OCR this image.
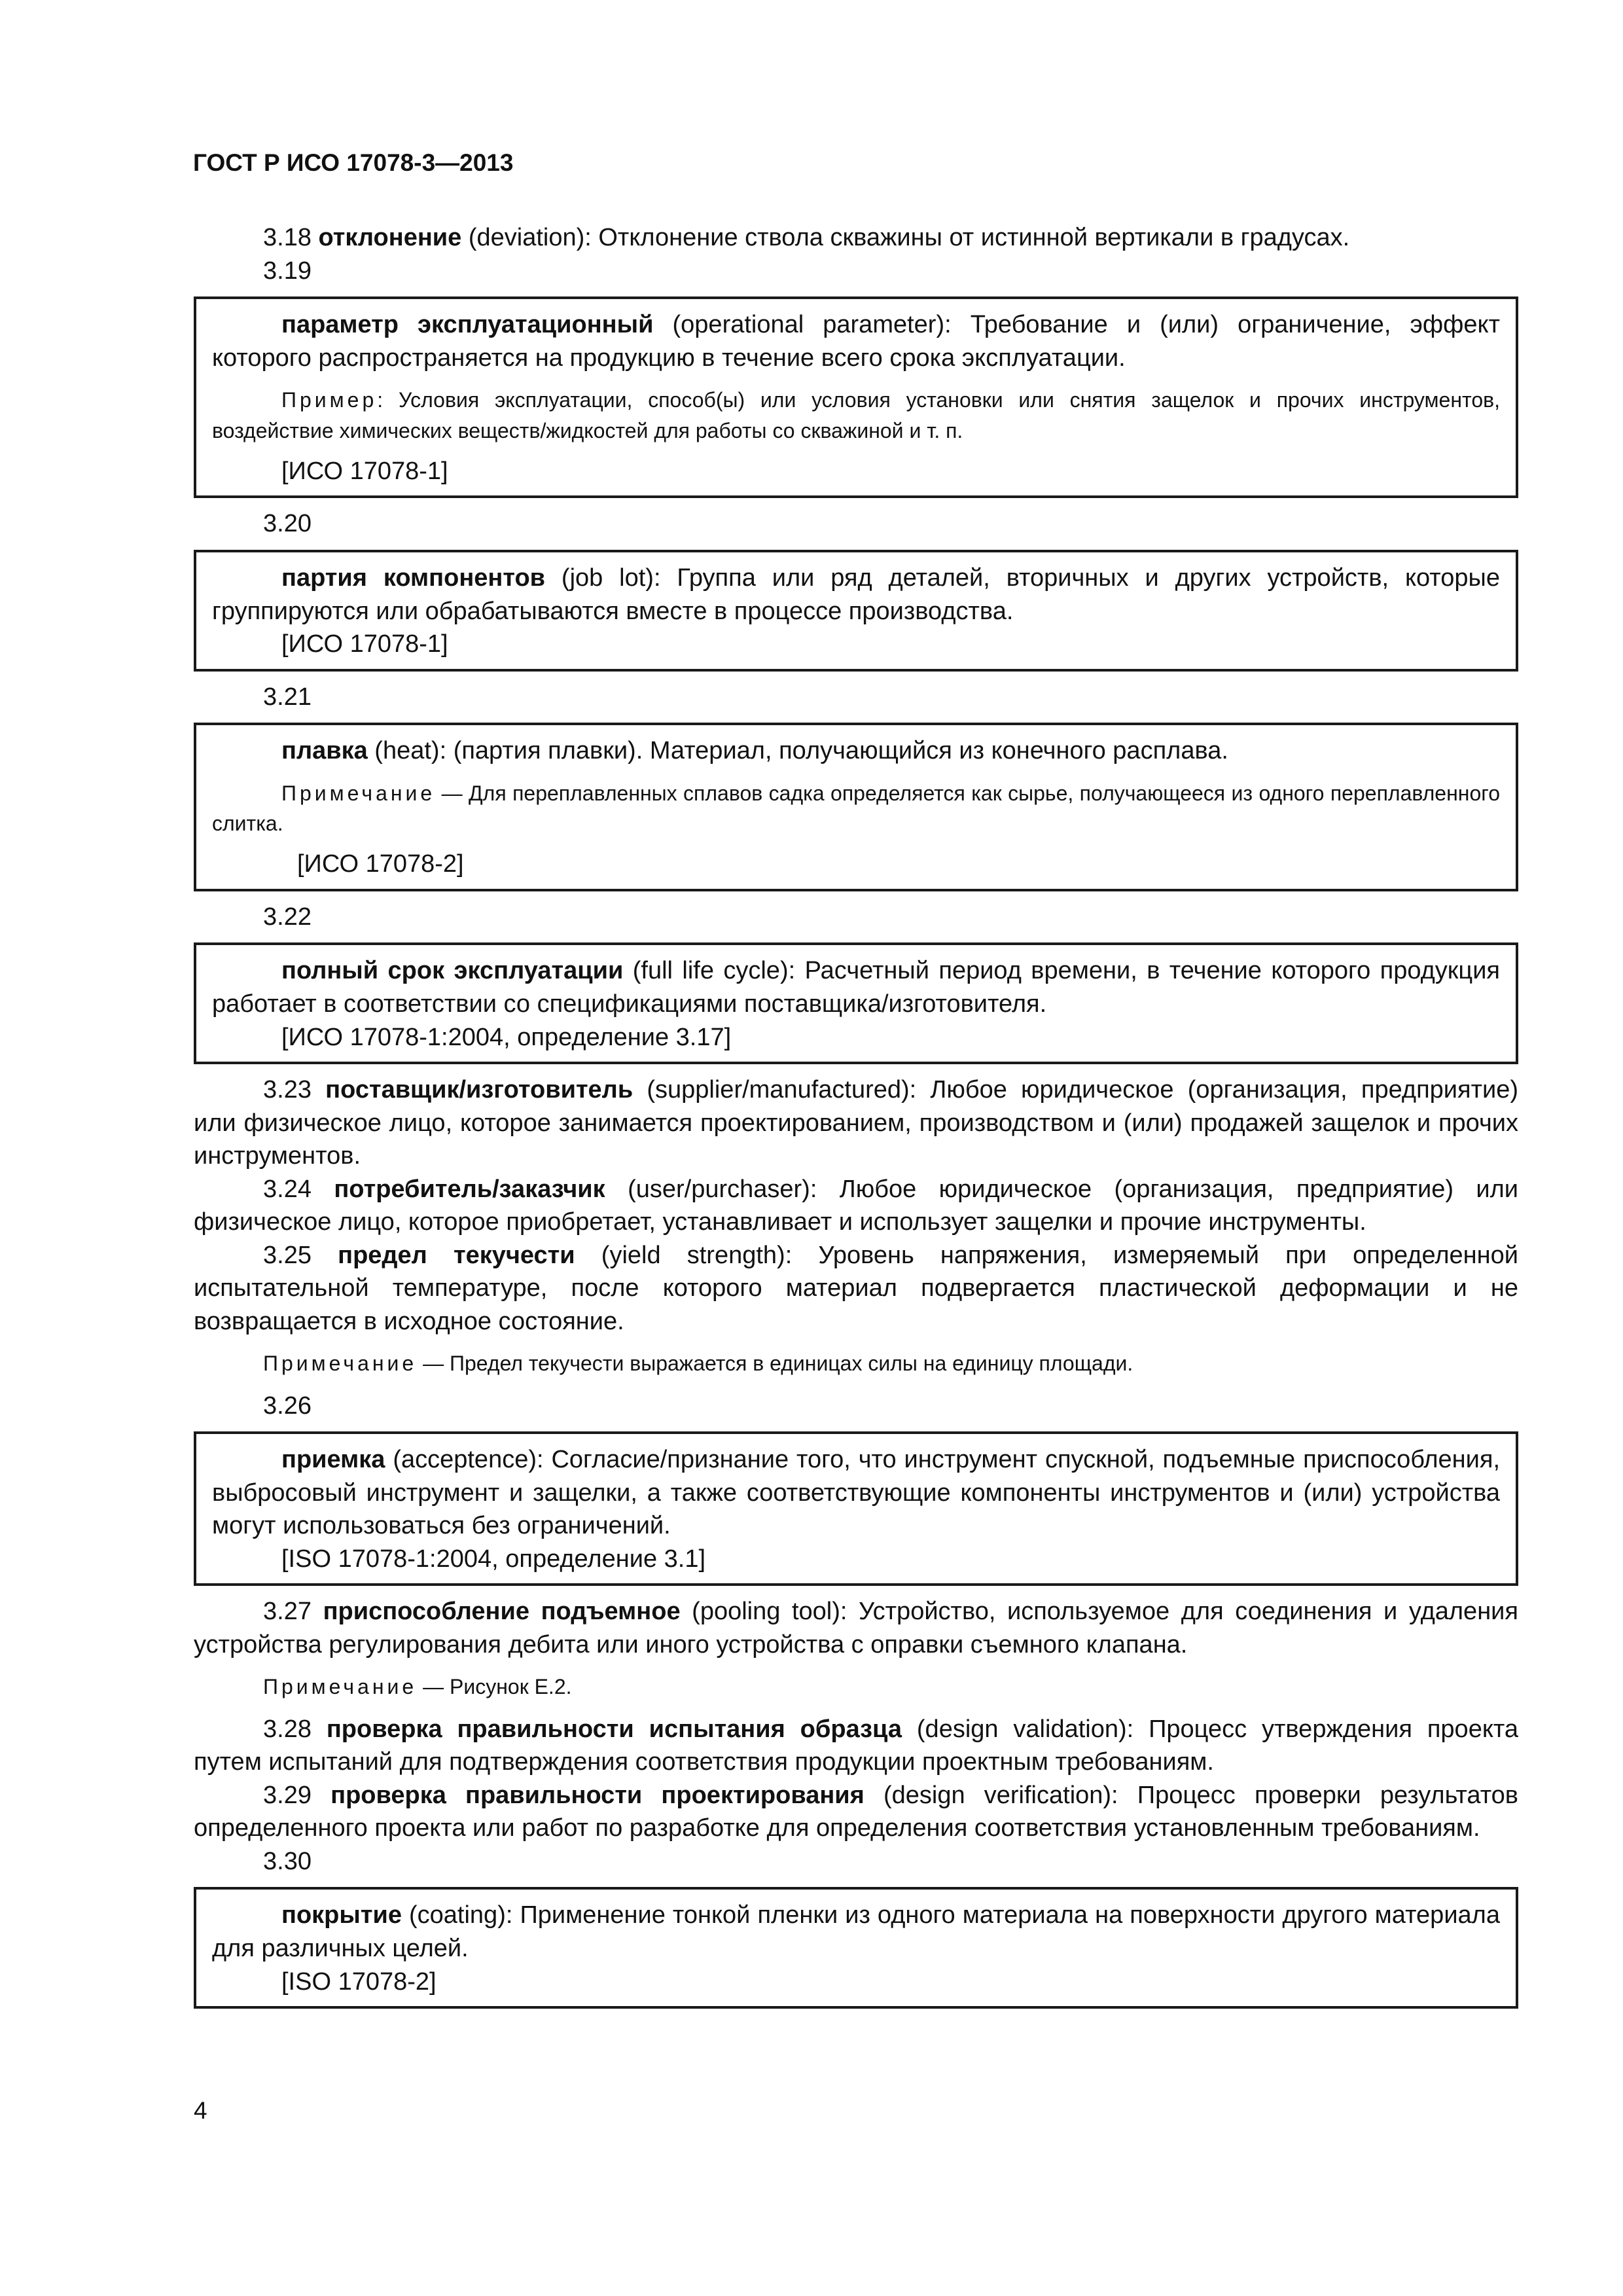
ГОСТ Р ИСО 17078-3—2013

3.18 отклонение (deviation): Отклонение ствола скважины от истинной вертикали в градусах.

3.19

параметр эксплуатационный (operational parameter): Требование и (или) ограничение, эффект которого распространяется на продукцию в течение всего срока эксплуатации.

Пример: Условия эксплуатации, способ(ы) или условия установки или снятия защелок и прочих инструментов, воздействие химических веществ/жидкостей для работы со скважиной и т. п.

[ИСО 17078-1]

3.20

партия компонентов (job lot): Группа или ряд деталей, вторичных и других устройств, которые группируются или обрабатываются вместе в процессе производства.

[ИСО 17078-1]

3.21

плавка (heat): (партия плавки). Материал, получающийся из конечного расплава.

Примечание — Для переплавленных сплавов садка определяется как сырье, получающееся из одного переплавленного слитка.

[ИСО 17078-2]

3.22

полный срок эксплуатации (full life cycle): Расчетный период времени, в течение которого продукция работает в соответствии со спецификациями поставщика/изготовителя.

[ИСО 17078-1:2004, определение 3.17]

3.23 поставщик/изготовитель (supplier/manufactured): Любое юридическое (организация, предприятие) или физическое лицо, которое занимается проектированием, производством и (или) продажей защелок и прочих инструментов.

3.24 потребитель/заказчик (user/purchaser): Любое юридическое (организация, предприятие) или физическое лицо, которое приобретает, устанавливает и использует защелки и прочие инструменты.

3.25 предел текучести (yield strength): Уровень напряжения, измеряемый при определенной испытательной температуре, после которого материал подвергается пластической деформации и не возвращается в исходное состояние.

Примечание — Предел текучести выражается в единицах силы на единицу площади.

3.26

приемка (acceptence): Согласие/признание того, что инструмент спускной, подъемные приспособления, выбросовый инструмент и защелки, а также соответствующие компоненты инструментов и (или) устройства могут использоваться без ограничений.

[ISO 17078-1:2004, определение 3.1]

3.27 приспособление подъемное (pooling tool): Устройство, используемое для соединения и удаления устройства регулирования дебита или иного устройства с оправки съемного клапана.

Примечание — Рисунок Е.2.

3.28 проверка правильности испытания образца (design validation): Процесс утверждения проекта путем испытаний для подтверждения соответствия продукции проектным требованиям.

3.29 проверка правильности проектирования (design verification): Процесс проверки результатов определенного проекта или работ по разработке для определения соответствия установленным требованиям.

3.30

покрытие (coating): Применение тонкой пленки из одного материала на поверхности другого материала для различных целей.

[ISO 17078-2]

4
